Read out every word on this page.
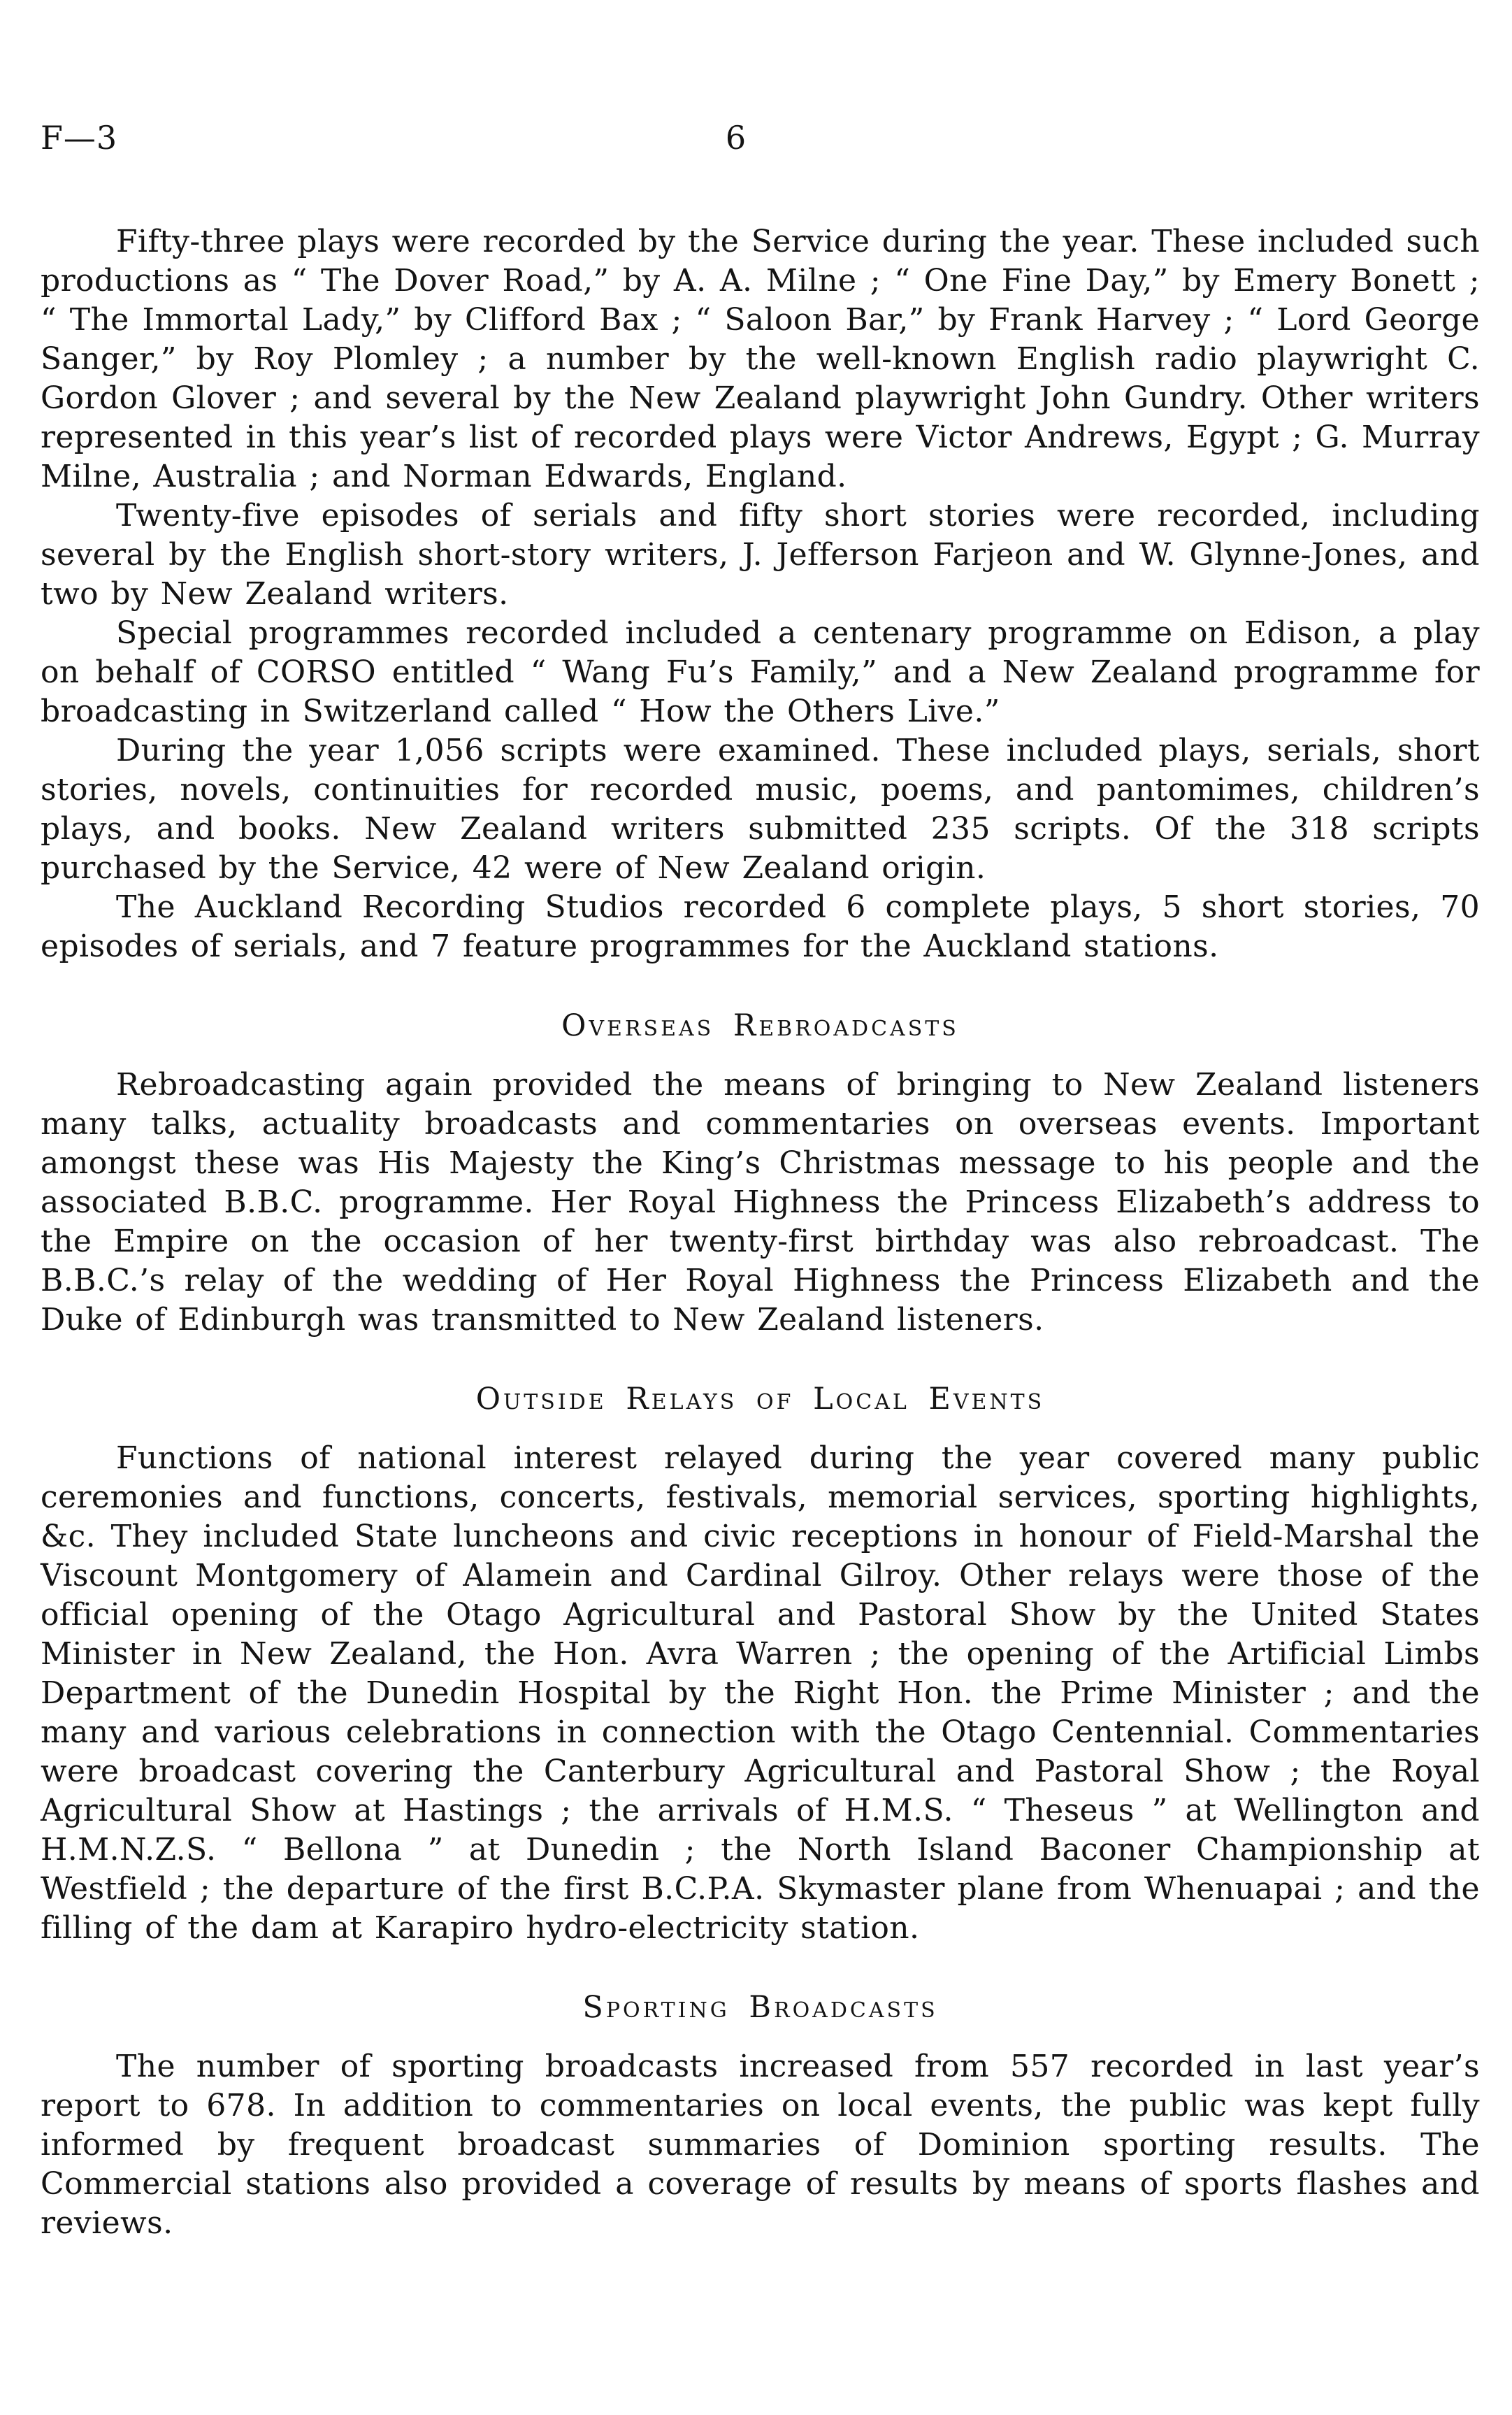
F—3	6

Fifty-three plays were recorded by the Service during the year. These included such productions as “ The Dover Road,” by A. A. Milne ; “ One Fine Day,” by Emery Bonett ; “ The Immortal Lady,” by Clifford Bax ; “ Saloon Bar,” by Frank Harvey ; “ Lord George Sanger,” by Roy Plomley ; a number by the well-known English radio playwright C. Gordon Glover ; and several by the New Zealand playwright John Gundry. Other writers represented in this year’s list of recorded plays were Victor Andrews, Egypt ; G. Murray Milne, Australia ; and Norman Edwards, England.

Twenty-five episodes of serials and fifty short stories were recorded, including several by the English short-story writers, J. Jefferson Farjeon and W. Glynne-Jones, and two by New Zealand writers.

Special programmes recorded included a centenary programme on Edison, a play on behalf of CORSO entitled “ Wang Fu’s Family,” and a New Zealand programme for broadcasting in Switzerland called “ How the Others Live.”

During the year 1,056 scripts were examined. These included plays, serials, short stories, novels, continuities for recorded music, poems, and pantomimes, children’s plays, and books. New Zealand writers submitted 235 scripts. Of the 318 scripts purchased by the Service, 42 were of New Zealand origin.

The Auckland Recording Studios recorded 6 complete plays, 5 short stories, 70 episodes of serials, and 7 feature programmes for the Auckland stations.

Overseas Rebroadcasts

Rebroadcasting again provided the means of bringing to New Zealand listeners many talks, actuality broadcasts and commentaries on overseas events. Important amongst these was His Majesty the King’s Christmas message to his people and the associated B.B.C. programme. Her Royal Highness the Princess Elizabeth’s address to the Empire on the occasion of her twenty-first birthday was also rebroadcast. The B.B.C.’s relay of the wedding of Her Royal Highness the Princess Elizabeth and the Duke of Edinburgh was transmitted to New Zealand listeners.

Outside Relays of Local Events

Functions of national interest relayed during the year covered many public ceremonies and functions, concerts, festivals, memorial services, sporting highlights, &c. They included State luncheons and civic receptions in honour of Field-Marshal the Viscount Montgomery of Alamein and Cardinal Gilroy. Other relays were those of the official opening of the Otago Agricultural and Pastoral Show by the United States Minister in New Zealand, the Hon. Avra Warren ; the opening of the Artificial Limbs Department of the Dunedin Hospital by the Right Hon. the Prime Minister ; and the many and various celebrations in connection with the Otago Centennial. Commentaries were broadcast covering the Canterbury Agricultural and Pastoral Show ; the Royal Agricultural Show at Hastings ; the arrivals of H.M.S. “ Theseus ” at Wellington and H.M.N.Z.S. “ Bellona ” at Dunedin ; the North Island Baconer Championship at Westfield ; the departure of the first B.C.P.A. Skymaster plane from Whenuapai ; and the filling of the dam at Karapiro hydro-electricity station.

Sporting Broadcasts

The number of sporting broadcasts increased from 557 recorded in last year’s report to 678. In addition to commentaries on local events, the public was kept fully informed by frequent broadcast summaries of Dominion sporting results. The Commercial stations also provided a coverage of results by means of sports flashes and reviews.
